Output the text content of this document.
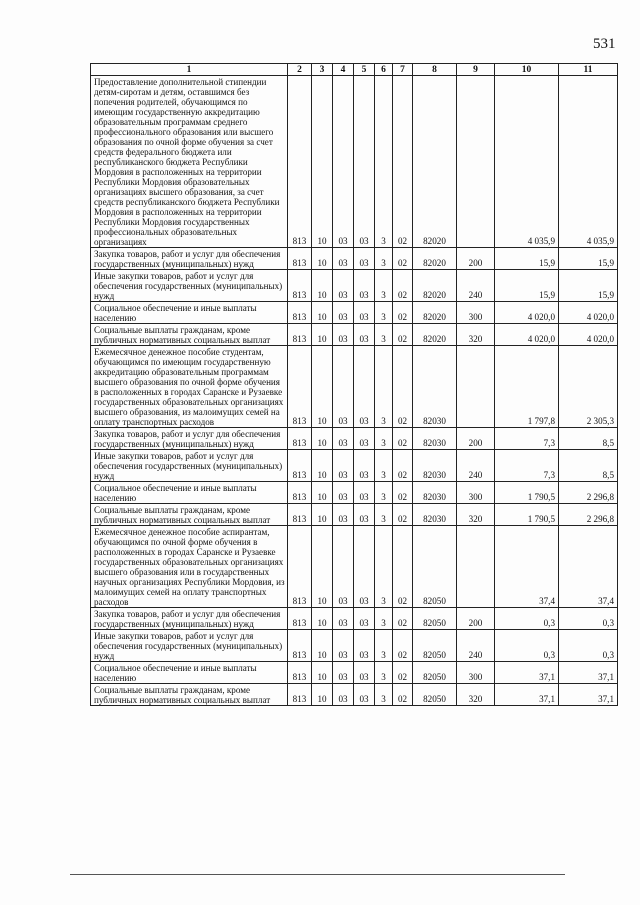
531
1	2	3	4	5	6	7	8	9	10	11
Предоставление дополнительной стипендии детям-сиротам и детям, оставшимся без попечения родителей, обучающимся по имеющим государственную аккредитацию образовательным программам среднего профессионального образования или высшего образования по очной форме обучения за счет средств федерального бюджета или республиканского бюджета Республики Мордовия в расположенных на территории Республики Мордовия образовательных организациях высшего образования, за счет средств республиканского бюджета Республики Мордовия в расположенных на территории Республики Мордовия государственных профессиональных образовательных организациях	813	10	03	03	3	02	82020		4 035,9	4 035,9
Закупка товаров, работ и услуг для обеспечения государственных (муниципальных) нужд	813	10	03	03	3	02	82020	200	15,9	15,9
Иные закупки товаров, работ и услуг для обеспечения государственных (муниципальных) нужд	813	10	03	03	3	02	82020	240	15,9	15,9
Социальное обеспечение и иные выплаты населению	813	10	03	03	3	02	82020	300	4 020,0	4 020,0
Социальные выплаты гражданам, кроме публичных нормативных социальных выплат	813	10	03	03	3	02	82020	320	4 020,0	4 020,0
Ежемесячное денежное пособие студентам, обучающимся по имеющим государственную аккредитацию образовательным программам высшего образования по очной форме обучения в расположенных в городах Саранске и Рузаевке государственных образовательных организациях высшего образования, из малоимущих семей на оплату транспортных расходов	813	10	03	03	3	02	82030		1 797,8	2 305,3
Закупка товаров, работ и услуг для обеспечения государственных (муниципальных) нужд	813	10	03	03	3	02	82030	200	7,3	8,5
Иные закупки товаров, работ и услуг для обеспечения государственных (муниципальных) нужд	813	10	03	03	3	02	82030	240	7,3	8,5
Социальное обеспечение и иные выплаты населению	813	10	03	03	3	02	82030	300	1 790,5	2 296,8
Социальные выплаты гражданам, кроме публичных нормативных социальных выплат	813	10	03	03	3	02	82030	320	1 790,5	2 296,8
Ежемесячное денежное пособие аспирантам, обучающимся по очной форме обучения в расположенных в городах Саранске и Рузаевке государственных образовательных организациях высшего образования или в государственных научных организациях Республики Мордовия, из малоимущих семей на оплату транспортных расходов	813	10	03	03	3	02	82050		37,4	37,4
Закупка товаров, работ и услуг для обеспечения государственных (муниципальных) нужд	813	10	03	03	3	02	82050	200	0,3	0,3
Иные закупки товаров, работ и услуг для обеспечения государственных (муниципальных) нужд	813	10	03	03	3	02	82050	240	0,3	0,3
Социальное обеспечение и иные выплаты населению	813	10	03	03	3	02	82050	300	37,1	37,1
Социальные выплаты гражданам, кроме публичных нормативных социальных выплат	813	10	03	03	3	02	82050	320	37,1	37,1
